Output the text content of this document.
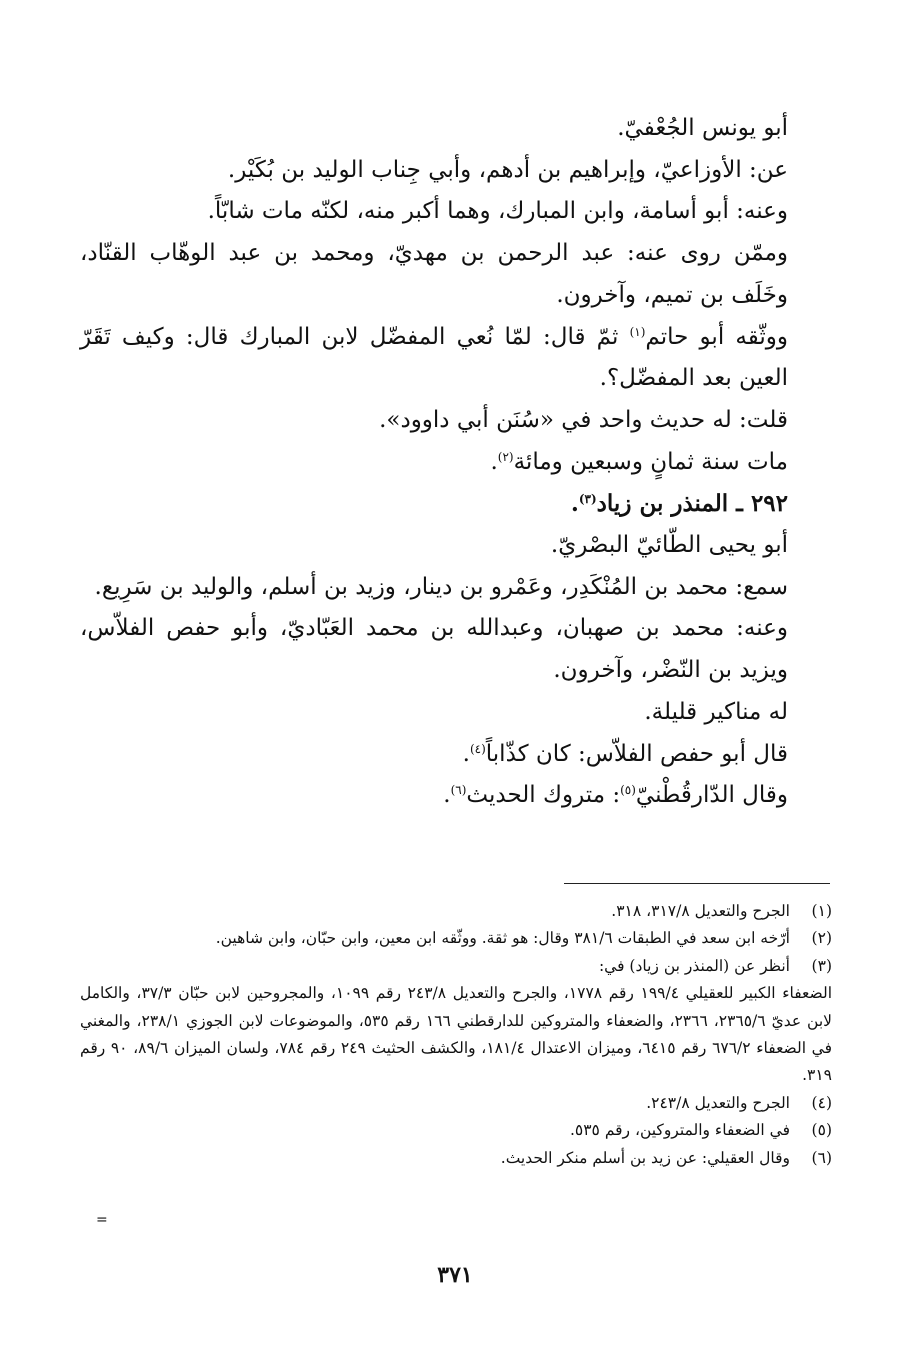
أبو يونس الجُعْفيّ.

عن: الأوزاعيّ، وإبراهيم بن أدهم، وأبي جِناب الوليد بن بُكَيْر.

وعنه: أبو أسامة، وابن المبارك، وهما أكبر منه، لكنّه مات شابّاً.

وممّن روى عنه: عبد الرحمن بن مهديّ، ومحمد بن عبد الوهّاب القنّاد، وخَلَف بن تميم، وآخرون.

ووثّقه أبو حاتم$^{(١)}$ ثمّ قال: لمّا نُعي المفضّل لابن المبارك قال: وكيف تَقَرّ العين بعد المفضّل؟.

قلت: له حديث واحد في «سُنَن أبي داوود».

مات سنة ثمانٍ وسبعين ومائة$^{(٢)}$.

٢٩٢ ـ المنذر بن زياد$^{(٣)}$.

أبو يحيى الطّائيّ البصْريّ.

سمع: محمد بن المُنْكَدِر، وعَمْرو بن دينار، وزيد بن أسلم، والوليد بن سَرِيع.

وعنه: محمد بن صهبان، وعبدالله بن محمد العَبّاديّ، وأبو حفص الفلاّس، ويزيد بن النّضْر، وآخرون.

له مناكير قليلة.

قال أبو حفص الفلاّس: كان كذّاباً$^{(٤)}$.

وقال الدّارقُطْنيّ$^{(٥)}$: متروك الحديث$^{(٦)}$.

(١)
الجرح والتعديل ٣١٧/٨، ٣١٨.
(٢)
أرّخه ابن سعد في الطبقات ٣٨١/٦ وقال: هو ثقة. ووثّقه ابن معين، وابن حبّان، وابن شاهين.
(٣)
أنظر عن (المنذر بن زياد) في:
الضعفاء الكبير للعقيلي ١٩٩/٤ رقم ١٧٧٨، والجرح والتعديل ٢٤٣/٨ رقم ١٠٩٩، والمجروحين لابن حبّان ٣٧/٣، والكامل لابن عديّ ٢٣٦٥/٦، ٢٣٦٦، والضعفاء والمتروكين للدارقطني ١٦٦ رقم ٥٣٥، والموضوعات لابن الجوزي ٢٣٨/١، والمغني في الضعفاء ٦٧٦/٢ رقم ٦٤١٥، وميزان الاعتدال ١٨١/٤، والكشف الحثيث ٢٤٩ رقم ٧٨٤، ولسان الميزان ٨٩/٦، ٩٠ رقم ٣١٩.
(٤)
الجرح والتعديل ٢٤٣/٨.
(٥)
في الضعفاء والمتروكين، رقم ٥٣٥.
(٦)
وقال العقيلي: عن زيد بن أسلم منكر الحديث.
=
٣٧١
